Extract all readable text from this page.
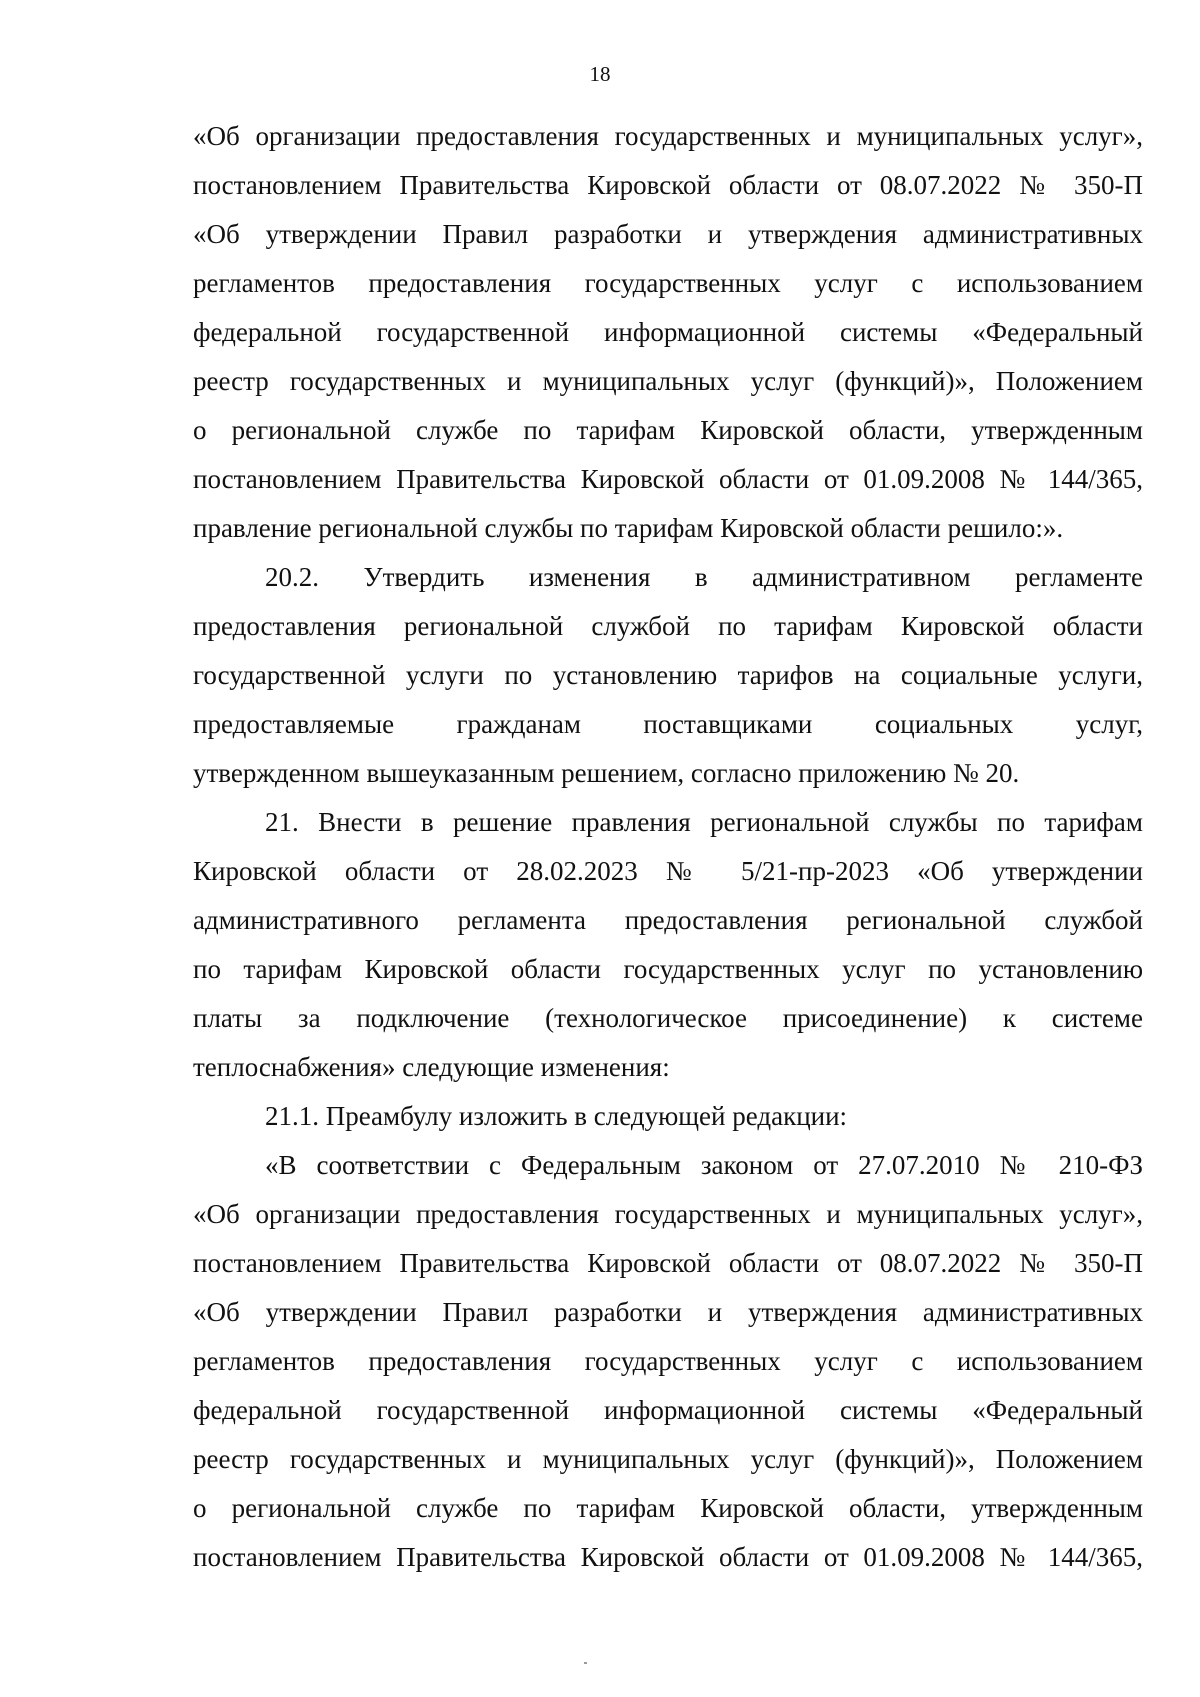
18
«Об организации предоставления государственных и муниципальных услуг»,
постановлением Правительства Кировской области от 08.07.2022 № 350-П
«Об утверждении Правил разработки и утверждения административных
регламентов предоставления государственных услуг с использованием
федеральной государственной информационной системы «Федеральный
реестр государственных и муниципальных услуг (функций)», Положением
о региональной службе по тарифам Кировской области, утвержденным
постановлением Правительства Кировской области от 01.09.2008 № 144/365,
правление региональной службы по тарифам Кировской области решило:».
20.2. Утвердить изменения в административном регламенте
предоставления региональной службой по тарифам Кировской области
государственной услуги по установлению тарифов на социальные услуги,
предоставляемые гражданам поставщиками социальных услуг,
утвержденном вышеуказанным решением, согласно приложению № 20.
21. Внести в решение правления региональной службы по тарифам
Кировской области от 28.02.2023 № 5/21-пр-2023 «Об утверждении
административного регламента предоставления региональной службой
по тарифам Кировской области государственных услуг по установлению
платы за подключение (технологическое присоединение) к системе
теплоснабжения» следующие изменения:
21.1. Преамбулу изложить в следующей редакции:
«В соответствии с Федеральным законом от 27.07.2010 № 210-ФЗ
«Об организации предоставления государственных и муниципальных услуг»,
постановлением Правительства Кировской области от 08.07.2022 № 350-П
«Об утверждении Правил разработки и утверждения административных
регламентов предоставления государственных услуг с использованием
федеральной государственной информационной системы «Федеральный
реестр государственных и муниципальных услуг (функций)», Положением
о региональной службе по тарифам Кировской области, утвержденным
постановлением Правительства Кировской области от 01.09.2008 № 144/365,
